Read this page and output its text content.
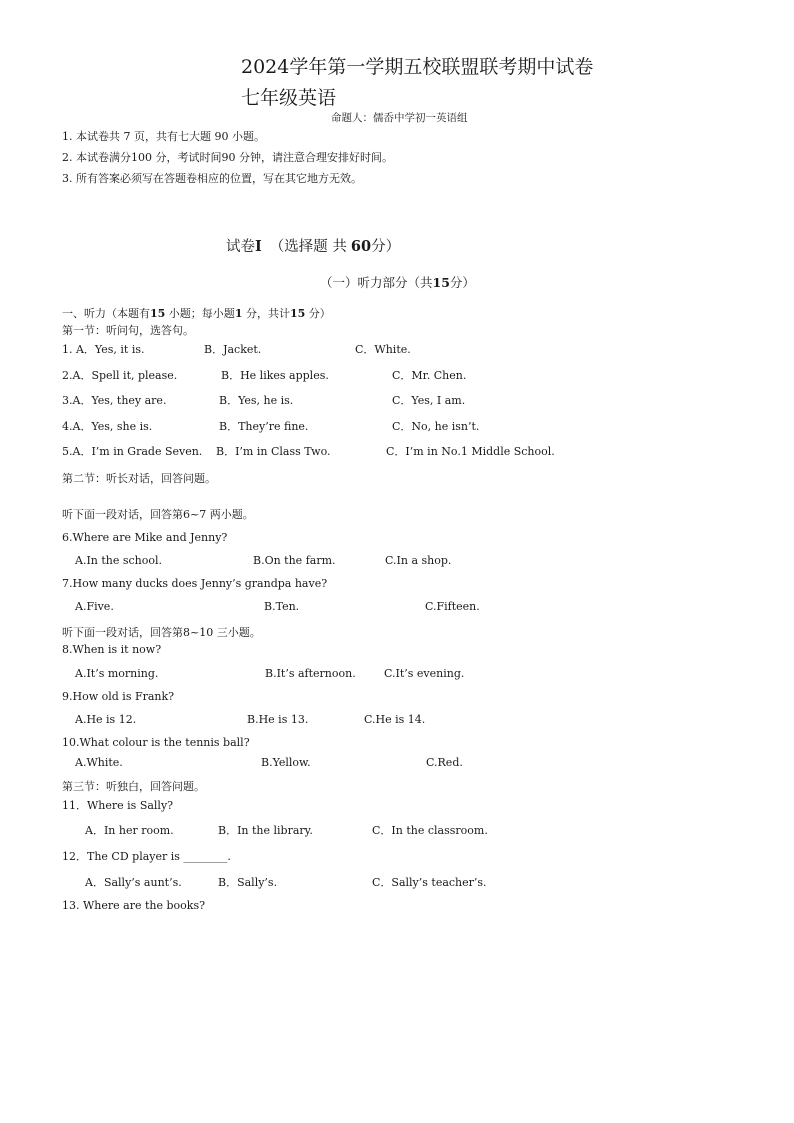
2024学年第一学期五校联盟联考期中试卷
七年级英语
命题人：儒岙中学初一英语组
1. 本试卷共 7 页，共有七大题 90 小题。
2. 本试卷满分100 分，考试时间90 分钟，请注意合理安排好时间。
3. 所有答案必须写在答题卷相应的位置，写在其它地方无效。
试卷I （选择题 共 60分）
（一）听力部分（共15分）
一、听力（本题有15 小题；每小题1 分，共计15 分）
第一节：听问句，选答句。
1. A．Yes, it is.	B．Jacket.	C．White.
2.A．Spell it, please.	B．He likes apples.	C．Mr. Chen.
3.A．Yes, they are.	B．Yes, he is.	C．Yes, I am.
4.A．Yes, she is.	B．They’re fine.	C．No, he isn’t.
5.A．I’m in Grade Seven. B．I’m in Class Two.	C．I’m in No.1 Middle School.
第二节：听长对话，回答问题。
听下面一段对话，回答第6~7 两小题。
6.Where are Mike and Jenny?
A.In the school.	B.On the farm.	C.In a shop.
7.How many ducks does Jenny’s grandpa have?
A.Five.	B.Ten.	C.Fifteen.
听下面一段对话，回答第8~10 三小题。
8.When is it now?
A.It’s morning.	B.It’s afternoon.	C.It’s evening.
9.How old is Frank?
A.He is 12.	B.He is 13.	C.He is 14.
10.What colour is the tennis ball?
A.White.	B.Yellow.	C.Red.
第三节：听独白，回答问题。
11．Where is Sally?
A．In her room.	B．In the library.	C．In the classroom.
12．The CD player is ________.
A．Sally’s aunt’s.	B．Sally’s.	C．Sally’s teacher’s.
13. Where are the books?
